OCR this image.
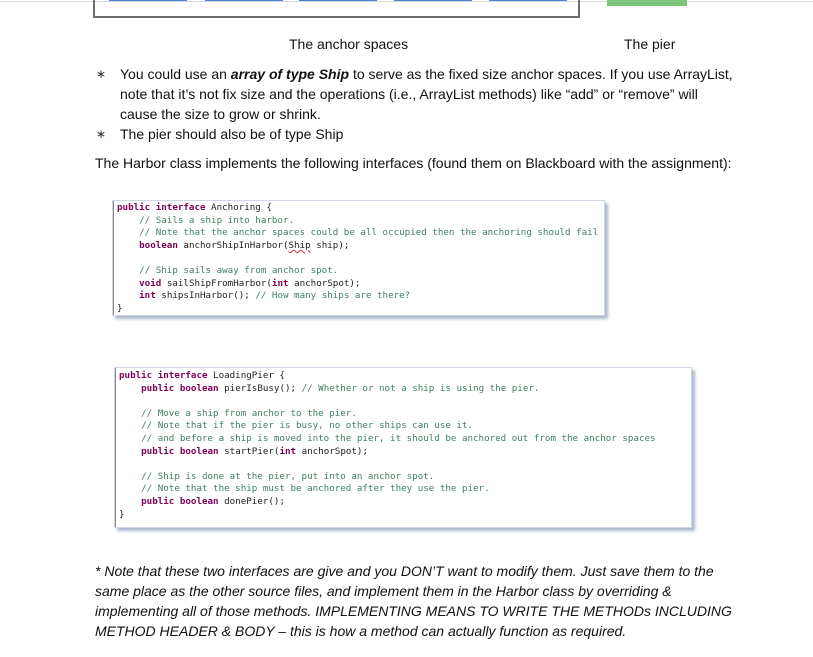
The anchor spaces	The pier
∗ You could use an array of type Ship to serve as the fixed size anchor spaces. If you use ArrayList,
note that it’s not fix size and the operations (i.e., ArrayList methods) like “add” or “remove” will
cause the size to grow or shrink.
∗ The pier should also be of type Ship
The Harbor class implements the following interfaces (found them on Blackboard with the assignment):
public interface Anchoring {
// Sails a ship into harbor.
// Note that the anchor spaces could be all occupied then the anchoring should fail
boolean anchorShipInHarbor(Ship ship);

// Ship sails away from anchor spot.
void sailShipFromHarbor(int anchorSpot);
int shipsInHarbor(); // How many ships are there?
}
public interface LoadingPier {
public boolean pierIsBusy(); // Whether or not a ship is using the pier.

// Move a ship from anchor to the pier.
// Note that if the pier is busy, no other ships can use it.
// and before a ship is moved into the pier, it should be anchored out from the anchor spaces
public boolean startPier(int anchorSpot);

// Ship is done at the pier, put into an anchor spot.
// Note that the ship must be anchored after they use the pier.
public boolean donePier();
}
* Note that these two interfaces are give and you DON’T want to modify them. Just save them to the
same place as the other source files, and implement them in the Harbor class by overriding &
implementing all of those methods. IMPLEMENTING MEANS TO WRITE THE METHODs INCLUDING
METHOD HEADER & BODY – this is how a method can actually function as required.
